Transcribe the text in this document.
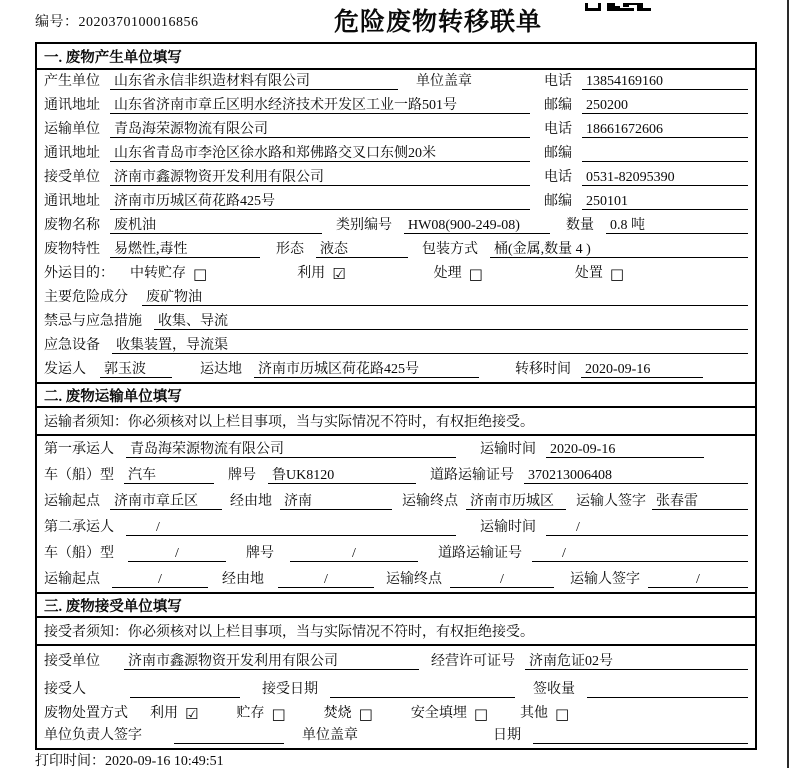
编号：2020370100016856	危险废物转移联单
一. 废物产生单位填写
产生单位 山东省永信非织造材料有限公司	单位盖章	电话 13854169160
通讯地址 山东省济南市章丘区明水经济技术开发区工业一路501号	邮编 250200
运输单位 青岛海荣源物流有限公司	电话 18661672606
通讯地址 山东省青岛市李沧区徐水路和郑佛路交叉口东侧20米	邮编
接受单位 济南市鑫源物资开发利用有限公司	电话 0531-82095390
通讯地址 济南市历城区荷花路425号	邮编 250101
废物名称 废机油	类别编号 HW08(900-249-08)	数量 0.8 吨
废物特性 易燃性,毒性	形态 液态	包装方式 桶(金属,数量 4 )
外运目的： 中转贮存 □	利用 ☑	处理 □	处置 □
主要危险成分 废矿物油
禁忌与应急措施 收集、导流
应急设备 收集装置，导流渠
发运人 郭玉波	运达地 济南市历城区荷花路425号	转移时间 2020-09-16
二. 废物运输单位填写
运输者须知：你必须核对以上栏目事项，当与实际情况不符时，有权拒绝接受。
第一承运人 青岛海荣源物流有限公司	运输时间 2020-09-16
车（船）型 汽车	牌号 鲁UK8120	道路运输证号 370213006408
运输起点 济南市章丘区	经由地 济南	运输终点 济南市历城区	运输人签字 张春雷
第二承运人	/	运输时间	/
车（船）型	/	牌号	/	道路运输证号	/
运输起点	/	经由地	/	运输终点	/	运输人签字	/
三. 废物接受单位填写
接受者须知：你必须核对以上栏目事项，当与实际情况不符时，有权拒绝接受。
接受单位 济南市鑫源物资开发利用有限公司	经营许可证号 济南危证02号
接受人	接受日期	签收量
废物处置方式 利用 ☑	贮存 □	焚烧 □	安全填埋 □ 其他 □
单位负责人签字	单位盖章	日期
打印时间：2020-09-16 10:49:51
